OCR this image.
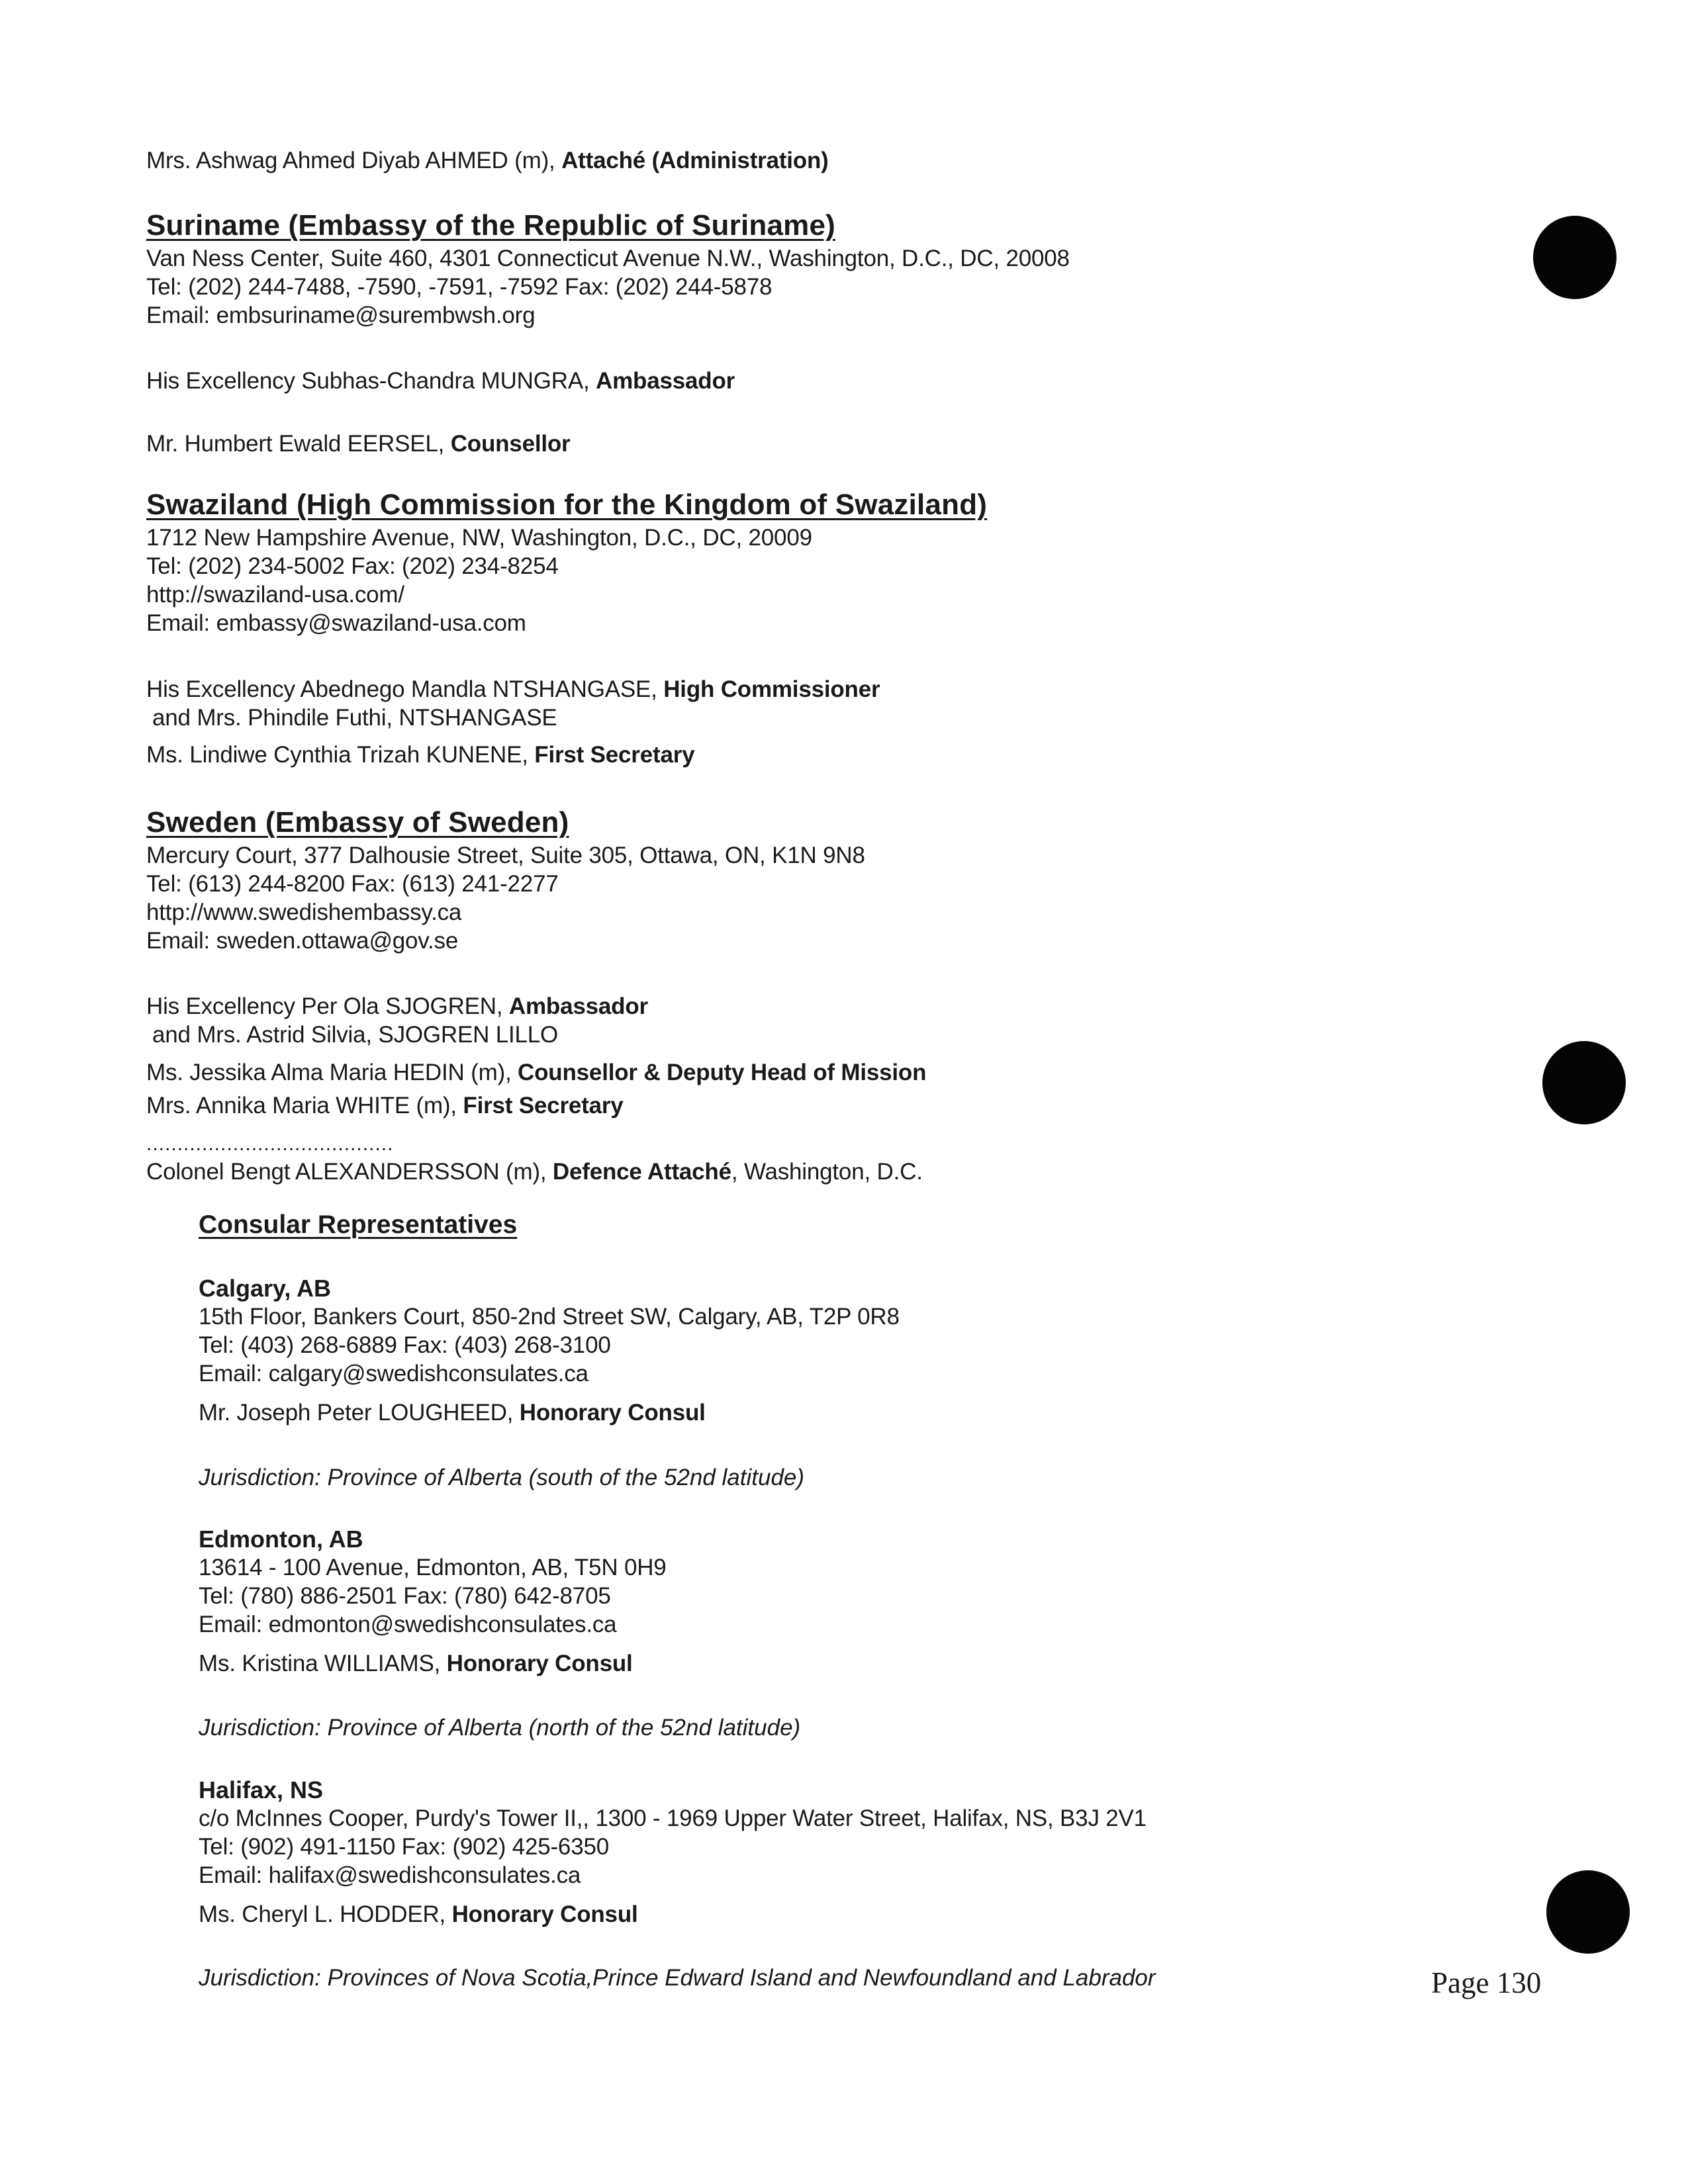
Mrs. Ashwag Ahmed Diyab AHMED (m), Attaché (Administration)
Suriname (Embassy of the Republic of Suriname)
Van Ness Center, Suite 460, 4301 Connecticut Avenue N.W., Washington, D.C., DC, 20008
Tel: (202) 244-7488, -7590, -7591, -7592 Fax: (202) 244-5878
Email: embsuriname@surembwsh.org
His Excellency Subhas-Chandra MUNGRA, Ambassador
Mr. Humbert Ewald EERSEL, Counsellor
Swaziland (High Commission for the Kingdom of Swaziland)
1712 New Hampshire Avenue, NW, Washington, D.C., DC, 20009
Tel: (202) 234-5002 Fax: (202) 234-8254
http://swaziland-usa.com/
Email: embassy@swaziland-usa.com
His Excellency Abednego Mandla NTSHANGASE, High Commissioner
and Mrs. Phindile Futhi, NTSHANGASE
Ms. Lindiwe Cynthia Trizah KUNENE, First Secretary
Sweden (Embassy of Sweden)
Mercury Court, 377 Dalhousie Street, Suite 305, Ottawa, ON, K1N 9N8
Tel: (613) 244-8200 Fax: (613) 241-2277
http://www.swedishembassy.ca
Email: sweden.ottawa@gov.se
His Excellency Per Ola SJOGREN, Ambassador
and Mrs. Astrid Silvia, SJOGREN LILLO
Ms. Jessika Alma Maria HEDIN (m), Counsellor & Deputy Head of Mission
Mrs. Annika Maria WHITE (m), First Secretary
........................................
Colonel Bengt ALEXANDERSSON (m), Defence Attaché, Washington, D.C.
Consular Representatives
Calgary, AB
15th Floor, Bankers Court, 850-2nd Street SW, Calgary, AB, T2P 0R8
Tel: (403) 268-6889 Fax: (403) 268-3100
Email: calgary@swedishconsulates.ca
Mr. Joseph Peter LOUGHEED, Honorary Consul
Jurisdiction: Province of Alberta (south of the 52nd latitude)
Edmonton, AB
13614 - 100 Avenue, Edmonton, AB, T5N 0H9
Tel: (780) 886-2501 Fax: (780) 642-8705
Email: edmonton@swedishconsulates.ca
Ms. Kristina WILLIAMS, Honorary Consul
Jurisdiction: Province of Alberta (north of the 52nd latitude)
Halifax, NS
c/o McInnes Cooper, Purdy's Tower II,, 1300 - 1969 Upper Water Street, Halifax, NS, B3J 2V1
Tel: (902) 491-1150 Fax: (902) 425-6350
Email: halifax@swedishconsulates.ca
Ms. Cheryl L. HODDER, Honorary Consul
Jurisdiction: Provinces of Nova Scotia,Prince Edward Island and Newfoundland and Labrador	Page 130
